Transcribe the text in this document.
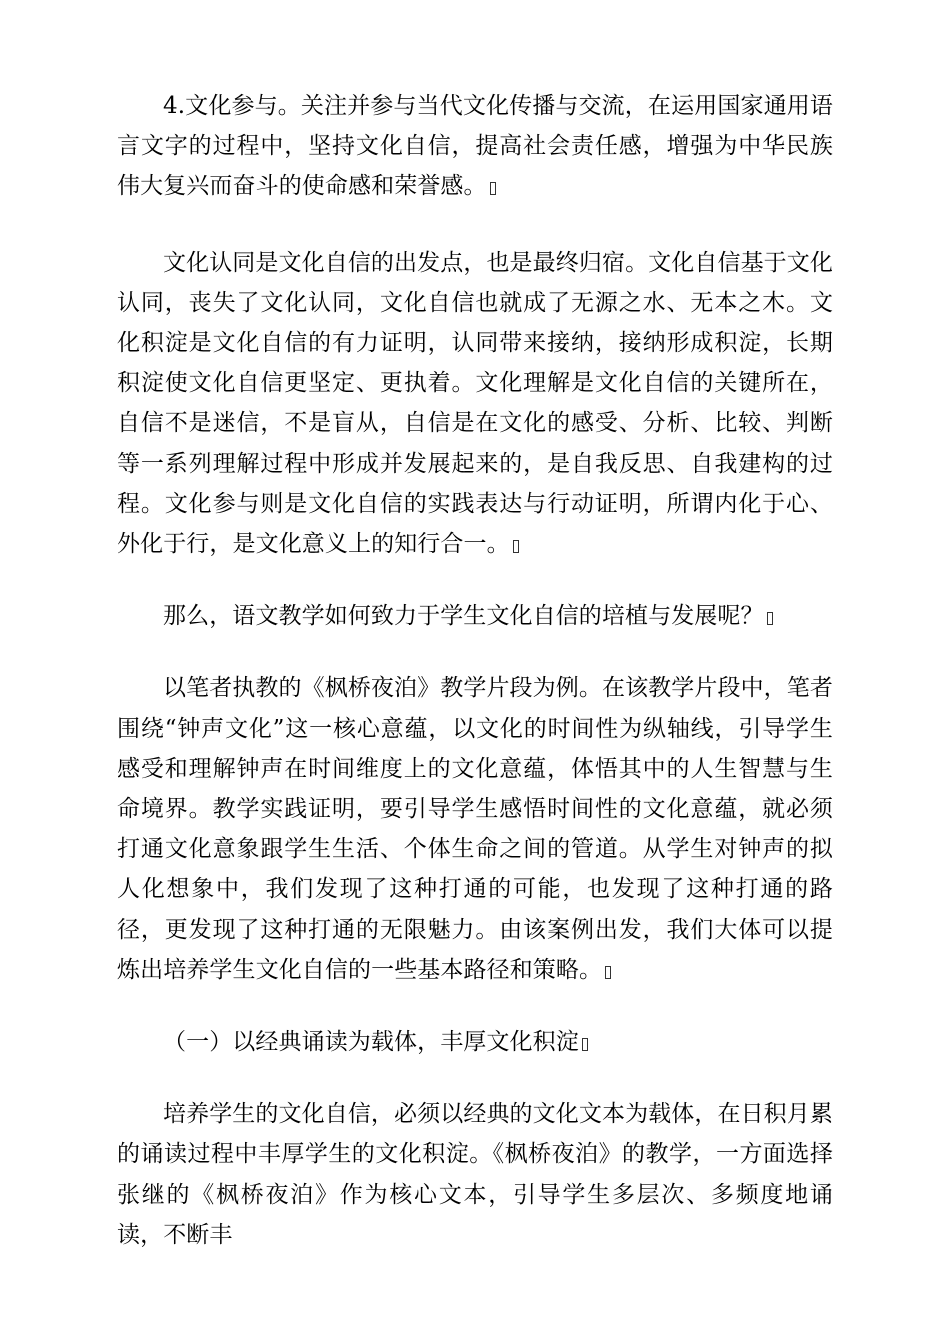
4.文化参与。关注并参与当代文化传播与交流，在运用国家通用语言文字的过程中，坚持文化自信，提高社会责任感，增强为中华民族伟大复兴而奋斗的使命感和荣誉感。

文化认同是文化自信的出发点，也是最终归宿。文化自信基于文化认同，丧失了文化认同，文化自信也就成了无源之水、无本之木。文化积淀是文化自信的有力证明，认同带来接纳，接纳形成积淀，长期积淀使文化自信更坚定、更执着。文化理解是文化自信的关键所在，自信不是迷信，不是盲从，自信是在文化的感受、分析、比较、判断等一系列理解过程中形成并发展起来的，是自我反思、自我建构的过程。文化参与则是文化自信的实践表达与行动证明，所谓内化于心、外化于行，是文化意义上的知行合一。

那么，语文教学如何致力于学生文化自信的培植与发展呢？

以笔者执教的《枫桥夜泊》教学片段为例。在该教学片段中，笔者围绕“钟声文化”这一核心意蕴，以文化的时间性为纵轴线，引导学生感受和理解钟声在时间维度上的文化意蕴，体悟其中的人生智慧与生命境界。教学实践证明，要引导学生感悟时间性的文化意蕴，就必须打通文化意象跟学生生活、个体生命之间的管道。从学生对钟声的拟人化想象中，我们发现了这种打通的可能，也发现了这种打通的路径，更发现了这种打通的无限魅力。由该案例出发，我们大体可以提炼出培养学生文化自信的一些基本路径和策略。

（一）以经典诵读为载体，丰厚文化积淀

培养学生的文化自信，必须以经典的文化文本为载体，在日积月累的诵读过程中丰厚学生的文化积淀。《枫桥夜泊》的教学，一方面选择张继的《枫桥夜泊》作为核心文本，引导学生多层次、多频度地诵读，不断丰
